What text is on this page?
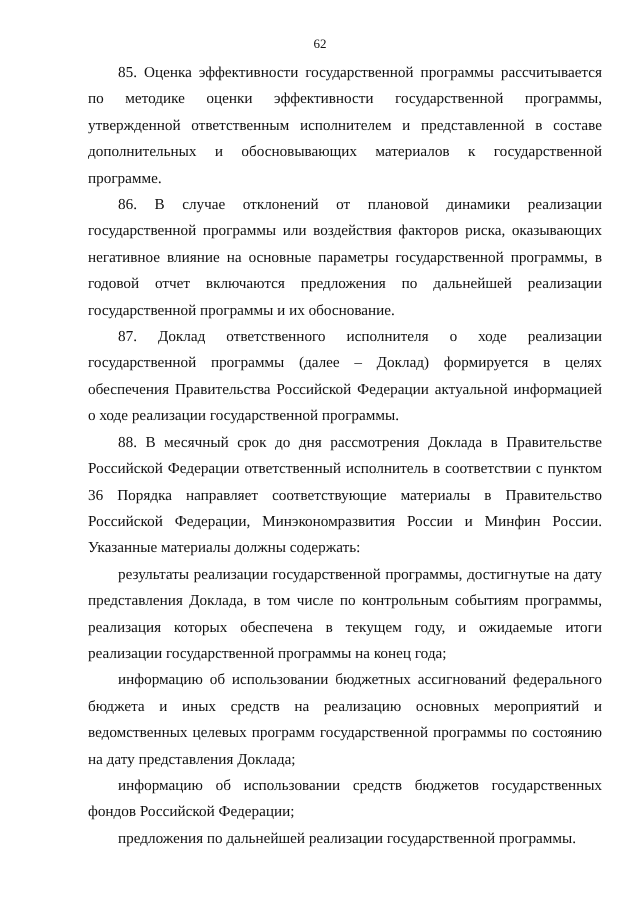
62

85. Оценка эффективности государственной программы рассчитывается по методике оценки эффективности государственной программы, утвержденной ответственным исполнителем и представленной в составе дополнительных и обосновывающих материалов к государственной программе.

86. В случае отклонений от плановой динамики реализации государственной программы или воздействия факторов риска, оказывающих негативное влияние на основные параметры государственной программы, в годовой отчет включаются предложения по дальнейшей реализации государственной программы и их обоснование.

87. Доклад ответственного исполнителя о ходе реализации государственной программы (далее – Доклад) формируется в целях обеспечения Правительства Российской Федерации актуальной информацией о ходе реализации государственной программы.

88. В месячный срок до дня рассмотрения Доклада в Правительстве Российской Федерации ответственный исполнитель в соответствии с пунктом 36 Порядка направляет соответствующие материалы в Правительство Российской Федерации, Минэкономразвития России и Минфин России. Указанные материалы должны содержать:

результаты реализации государственной программы, достигнутые на дату представления Доклада, в том числе по контрольным событиям программы, реализация которых обеспечена в текущем году, и ожидаемые итоги реализации государственной программы на конец года;

информацию об использовании бюджетных ассигнований федерального бюджета и иных средств на реализацию основных мероприятий и ведомственных целевых программ государственной программы по состоянию на дату представления Доклада;

информацию об использовании средств бюджетов государственных фондов Российской Федерации;

предложения по дальнейшей реализации государственной программы.
